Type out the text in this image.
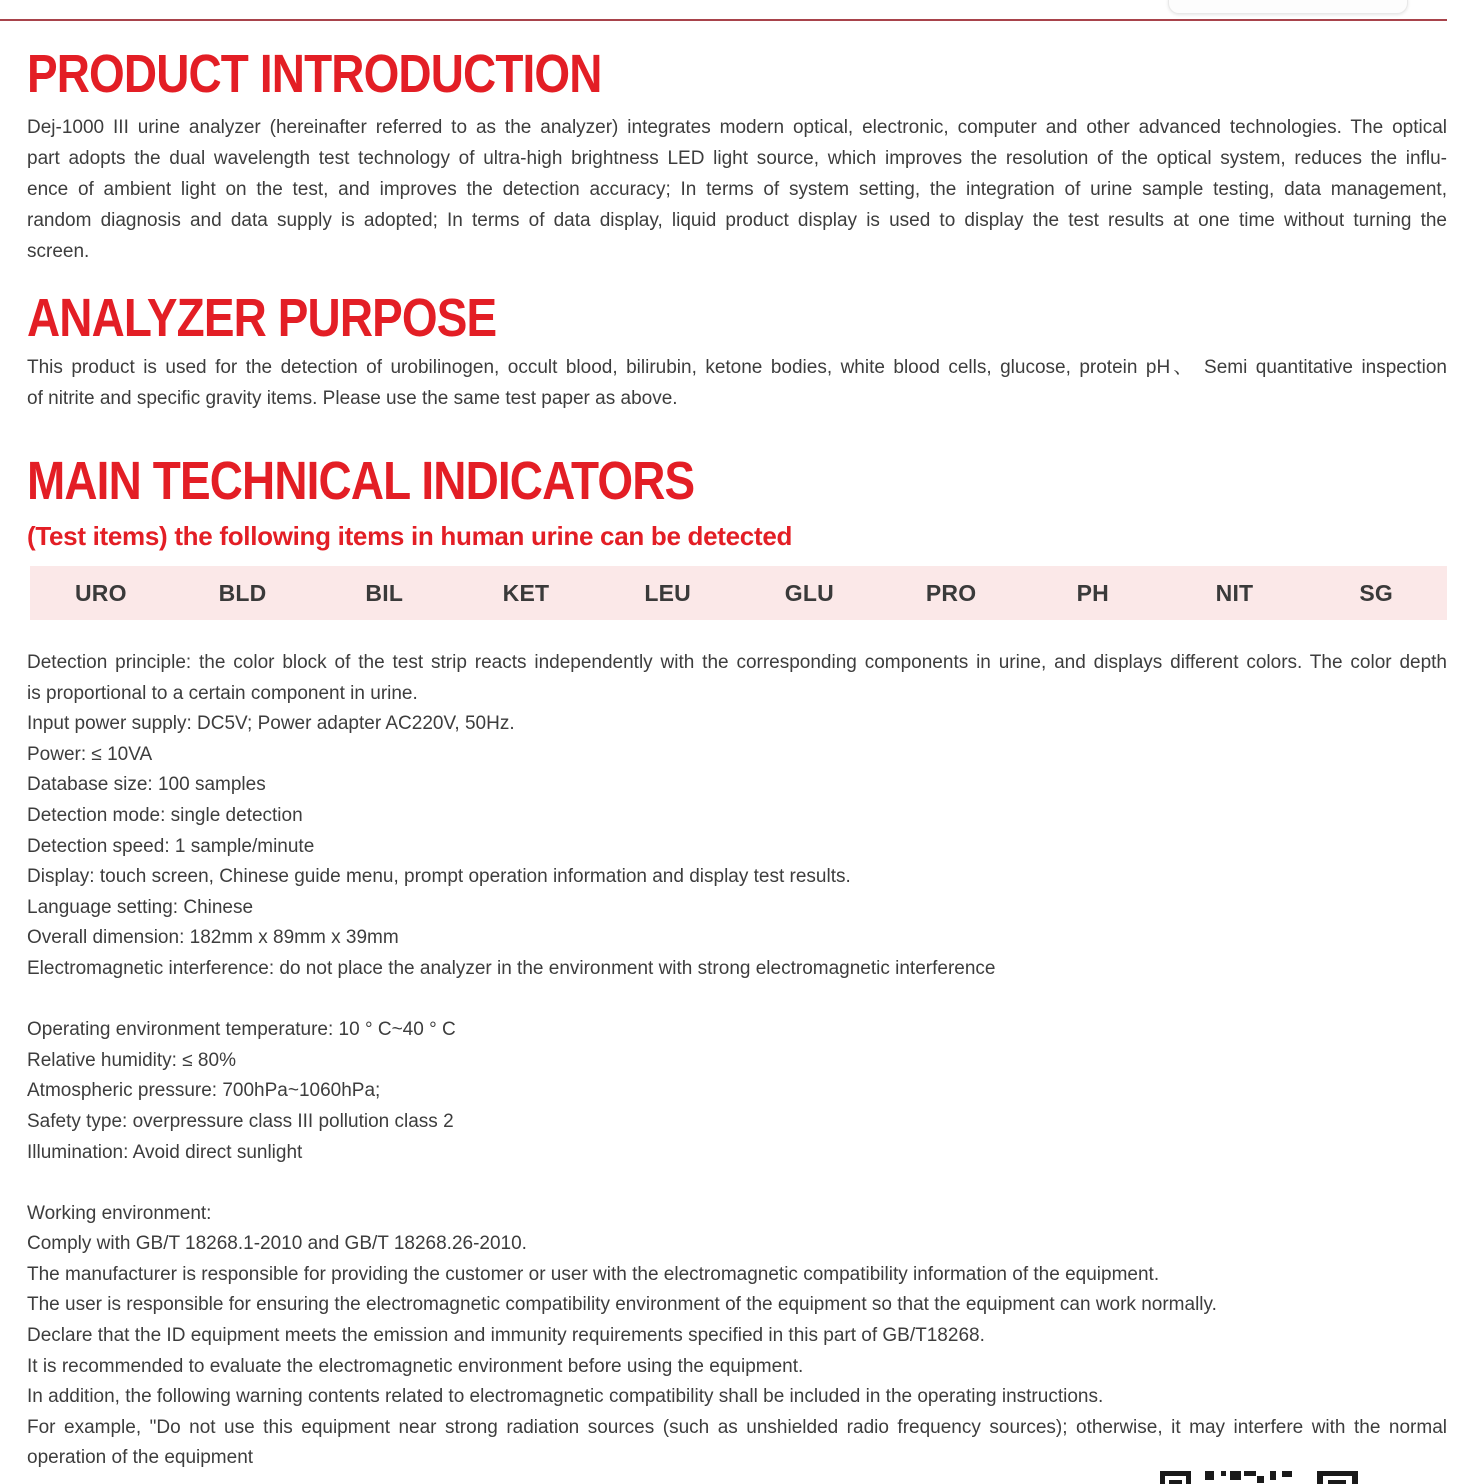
PRODUCT INTRODUCTION
Dej-1000 III urine analyzer (hereinafter referred to as the analyzer) integrates modern optical, electronic, computer and other advanced technologies. The optical
part adopts the dual wavelength test technology of ultra-high brightness LED light source, which improves the resolution of the optical system, reduces the influ-
ence of ambient light on the test, and improves the detection accuracy; In terms of system setting, the integration of urine sample testing, data management,
random diagnosis and data supply is adopted; In terms of data display, liquid product display is used to display the test results at one time without turning the
screen.
ANALYZER PURPOSE
This product is used for the detection of urobilinogen, occult blood, bilirubin, ketone bodies, white blood cells, glucose, protein pH、 Semi quantitative inspection
of nitrite and specific gravity items. Please use the same test paper as above.
MAIN TECHNICAL INDICATORS
(Test items) the following items in human urine can be detected
URO	BLD	BIL	KET	LEU	GLU	PRO	PH	NIT	SG
Detection principle: the color block of the test strip reacts independently with the corresponding components in urine, and displays different colors. The color depth
is proportional to a certain component in urine.
Input power supply: DC5V; Power adapter AC220V, 50Hz.
Power: ≤ 10VA
Database size: 100 samples
Detection mode: single detection
Detection speed: 1 sample/minute
Display: touch screen, Chinese guide menu, prompt operation information and display test results.
Language setting: Chinese
Overall dimension: 182mm x 89mm x 39mm
Electromagnetic interference: do not place the analyzer in the environment with strong electromagnetic interference
Operating environment temperature: 10 ° C~40 ° C
Relative humidity: ≤ 80%
Atmospheric pressure: 700hPa~1060hPa;
Safety type: overpressure class III pollution class 2
Illumination: Avoid direct sunlight
Working environment:
Comply with GB/T 18268.1-2010 and GB/T 18268.26-2010.
The manufacturer is responsible for providing the customer or user with the electromagnetic compatibility information of the equipment.
The user is responsible for ensuring the electromagnetic compatibility environment of the equipment so that the equipment can work normally.
Declare that the ID equipment meets the emission and immunity requirements specified in this part of GB/T18268.
It is recommended to evaluate the electromagnetic environment before using the equipment.
In addition, the following warning contents related to electromagnetic compatibility shall be included in the operating instructions.
For example, "Do not use this equipment near strong radiation sources (such as unshielded radio frequency sources); otherwise, it may interfere with the normal
operation of the equipment
